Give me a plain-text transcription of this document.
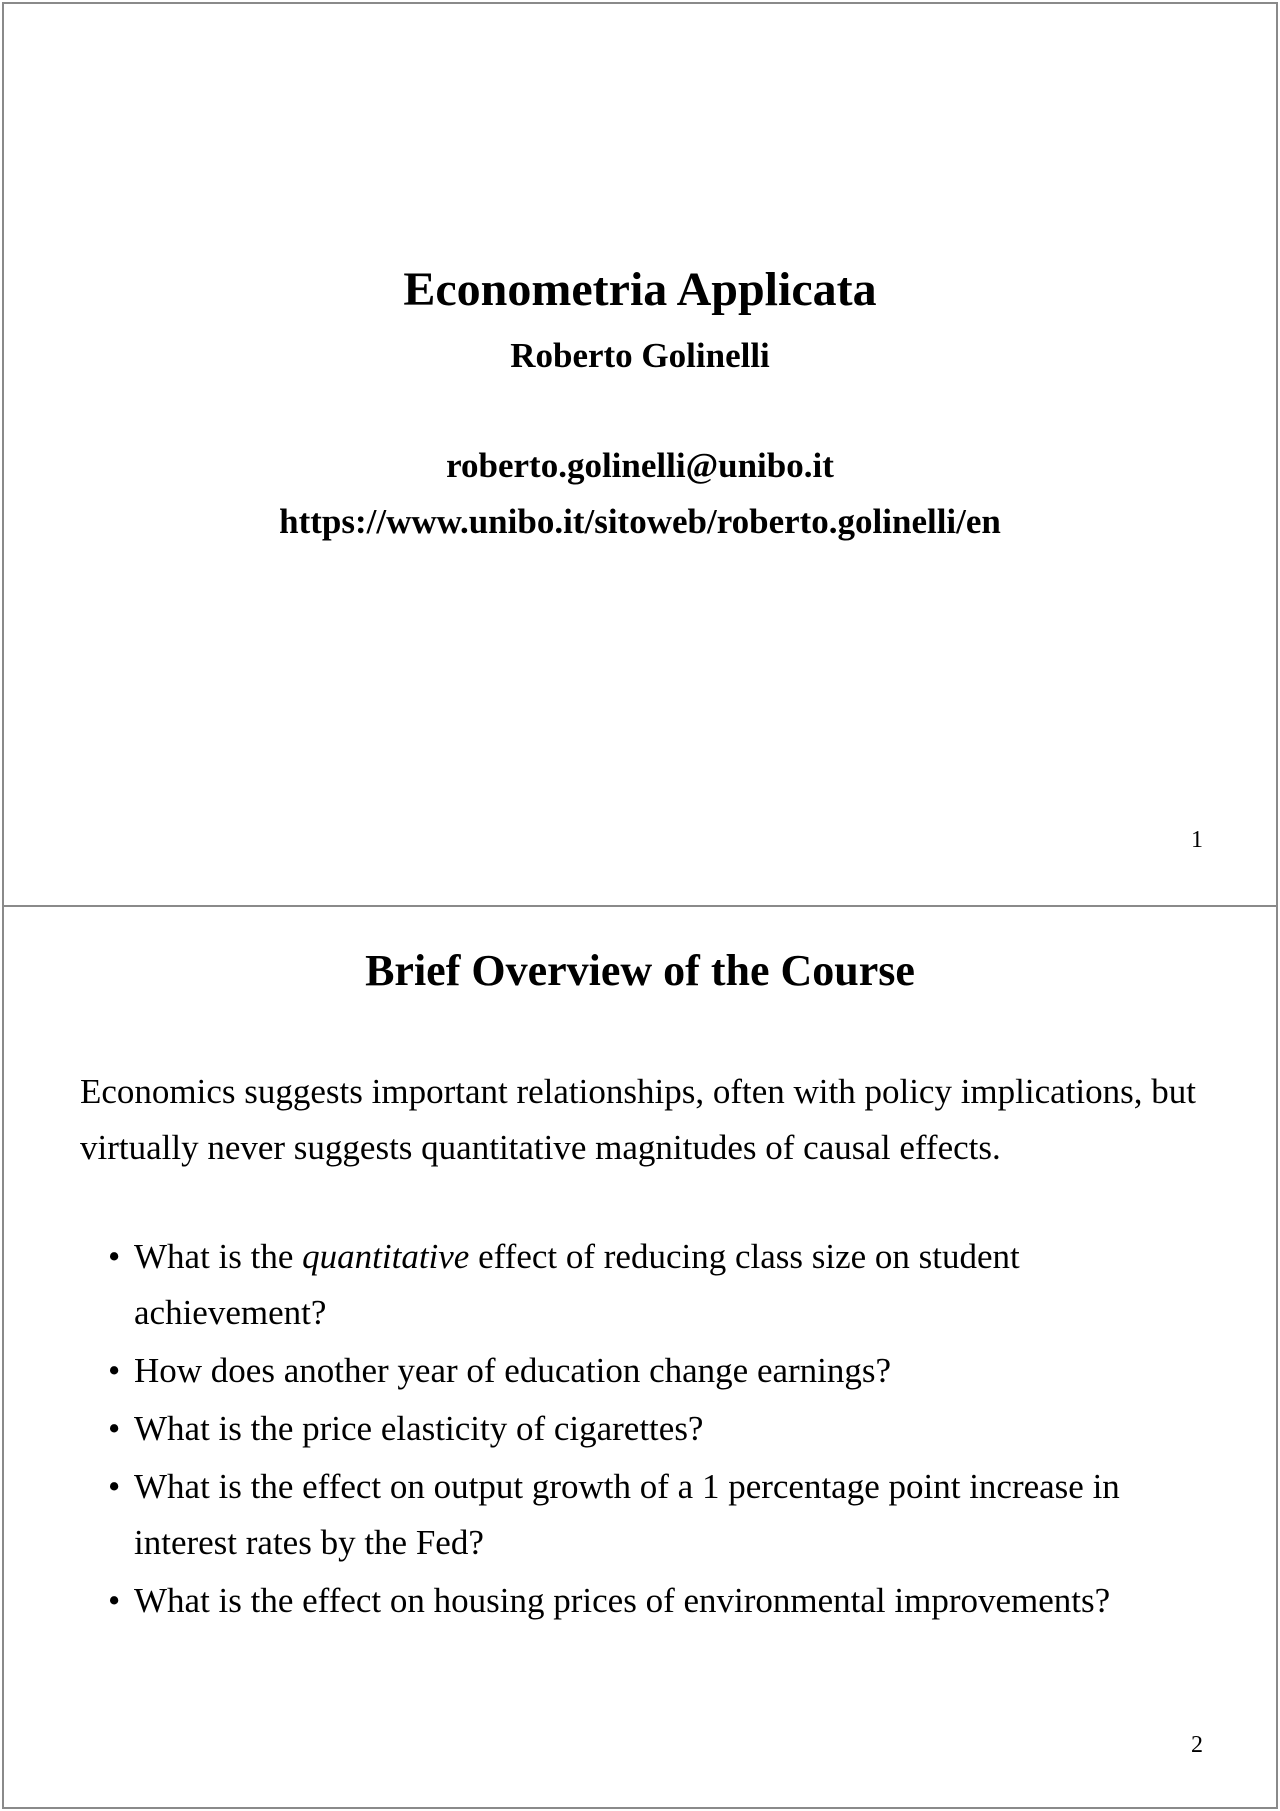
Econometria Applicata

Roberto Golinelli

roberto.golinelli@unibo.it
https://www.unibo.it/sitoweb/roberto.golinelli/en
1
Brief Overview of the Course

Economics suggests important relationships, often with policy implications, but virtually never suggests quantitative magnitudes of causal effects.

• What is the quantitative effect of reducing class size on student achievement?
• How does another year of education change earnings?
• What is the price elasticity of cigarettes?
• What is the effect on output growth of a 1 percentage point increase in interest rates by the Fed?
• What is the effect on housing prices of environmental improvements?
2
